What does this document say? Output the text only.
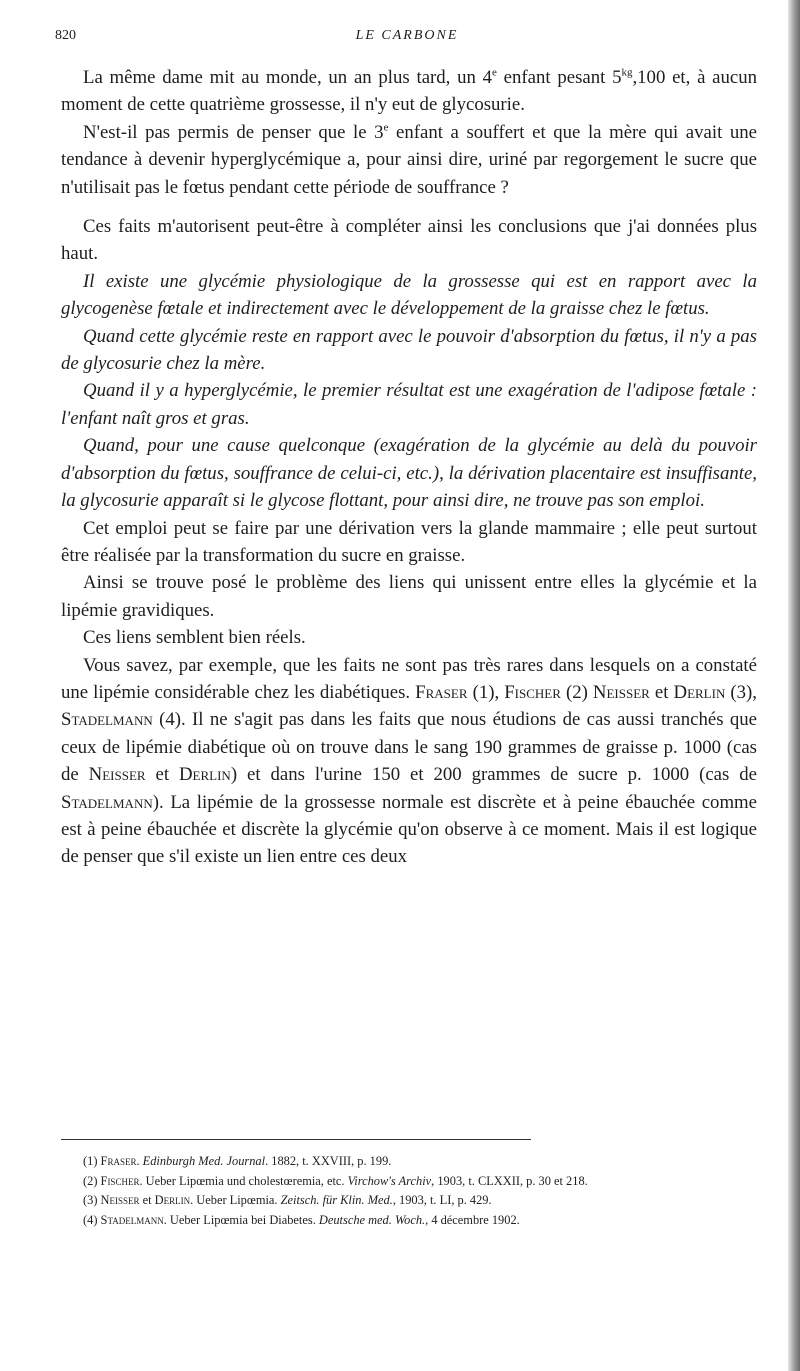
820	LE CARBONE

La même dame mit au monde, un an plus tard, un 4e enfant pesant $5^{kg},100$ et, à aucun moment de cette quatrième grossesse, il n'y eut de glycosurie.

N'est-il pas permis de penser que le 3e enfant a souffert et que la mère qui avait une tendance à devenir hyperglycémique a, pour ainsi dire, uriné par regorgement le sucre que n'utilisait pas le fœtus pendant cette période de souffrance ?

Ces faits m'autorisent peut-être à compléter ainsi les conclusions que j'ai données plus haut.

Il existe une glycémie physiologique de la grossesse qui est en rapport avec la glycogenèse fœtale et indirectement avec le développement de la graisse chez le fœtus.

Quand cette glycémie reste en rapport avec le pouvoir d'absorption du fœtus, il n'y a pas de glycosurie chez la mère.

Quand il y a hyperglycémie, le premier résultat est une exagération de l'adipose fœtale : l'enfant naît gros et gras.

Quand, pour une cause quelconque (exagération de la glycémie au delà du pouvoir d'absorption du fœtus, souffrance de celui-ci, etc.), la dérivation placentaire est insuffisante, la glycosurie apparaît si le glycose flottant, pour ainsi dire, ne trouve pas son emploi.

Cet emploi peut se faire par une dérivation vers la glande mammaire ; elle peut surtout être réalisée par la transformation du sucre en graisse.

Ainsi se trouve posé le problème des liens qui unissent entre elles la glycémie et la lipémie gravidiques.

Ces liens semblent bien réels.

Vous savez, par exemple, que les faits ne sont pas très rares dans lesquels on a constaté une lipémie considérable chez les diabétiques. Fraser (1), Fischer (2) Neisser et Derlin (3), Stadelmann (4). Il ne s'agit pas dans les faits que nous étudions de cas aussi tranchés que ceux de lipémie diabétique où on trouve dans le sang 190 grammes de graisse p. 1000 (cas de Neisser et Derlin) et dans l'urine 150 et 200 grammes de sucre p. 1000 (cas de Stadelmann). La lipémie de la grossesse normale est discrète et à peine ébauchée comme est à peine ébauchée et discrète la glycémie qu'on observe à ce moment. Mais il est logique de penser que s'il existe un lien entre ces deux

(1) Fraser. Edinburgh Med. Journal. 1882, t. XXVIII, p. 199.

(2) Fischer. Ueber Lipœmia und cholestœremia, etc. Virchow's Archiv, 1903, t. CLXXII, p. 30 et 218.

(3) Neisser et Derlin. Ueber Lipœmia. Zeitsch. für Klin. Med., 1903, t. LI, p. 429.

(4) Stadelmann. Ueber Lipœmia bei Diabetes. Deutsche med. Woch., 4 décembre 1902.
